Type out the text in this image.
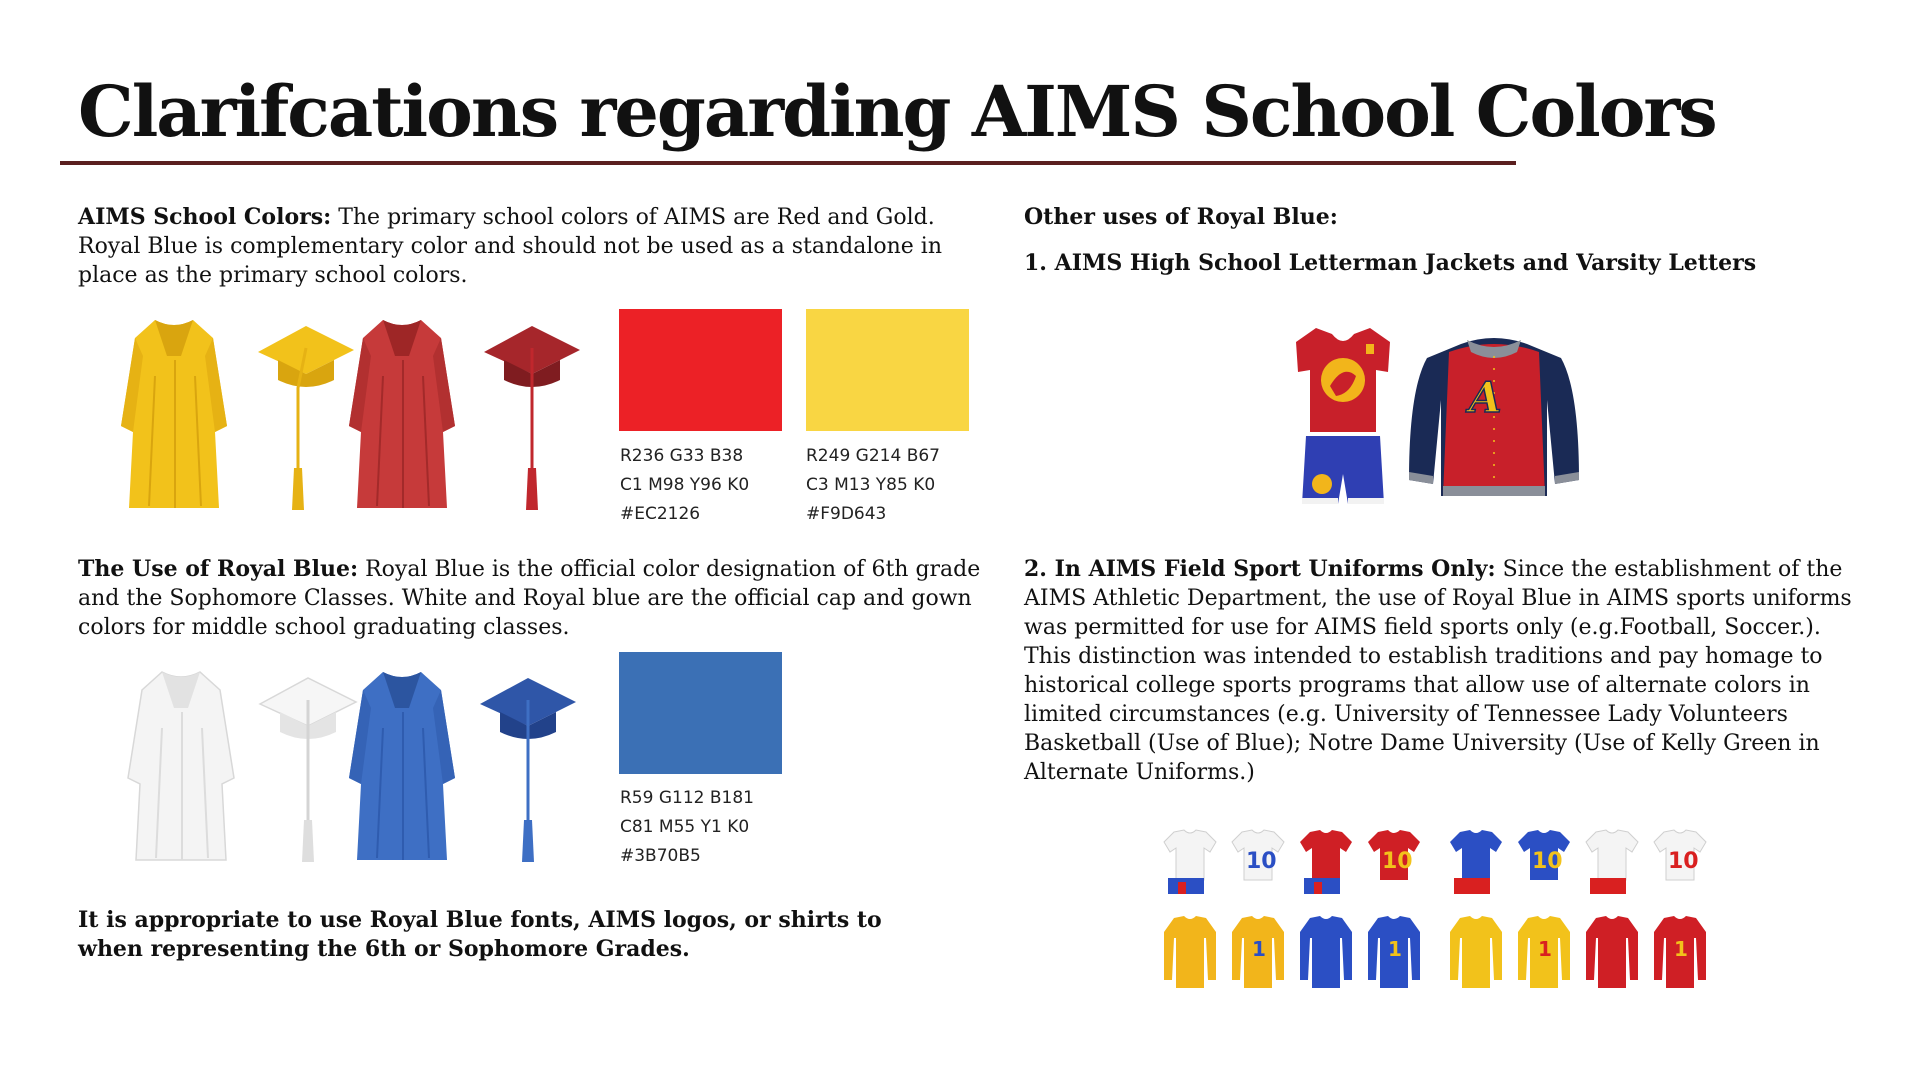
Clarifcations regarding AIMS School Colors
AIMS School Colors: The primary school colors of AIMS are Red and Gold. Royal Blue is complementary color and should not be used as a standalone in place as the primary school colors.
R236 G33 B38
C1 M98 Y96 K0
#EC2126
R249 G214 B67
C3 M13 Y85 K0
#F9D643
The Use of Royal Blue: Royal Blue is the official color designation of 6th grade and the Sophomore Classes. White and Royal blue are the official cap and gown colors for middle school graduating classes.
R59 G112 B181
C81 M55 Y1 K0
#3B70B5
It is appropriate to use Royal Blue fonts, AIMS logos, or shirts to when representing the 6th or Sophomore Grades.
Other uses of Royal Blue:
1. AIMS High School Letterman Jackets and Varsity Letters
A
2. In AIMS Field Sport Uniforms Only: Since the establishment of the AIMS Athletic Department, the use of Royal Blue in AIMS sports uniforms was permitted for use for AIMS field sports only (e.g.Football, Soccer.). This distinction was intended to establish traditions and pay homage to historical college sports programs that allow use of alternate colors in limited circumstances (e.g. University of Tennessee Lady Volunteers Basketball (Use of Blue); Notre Dame University (Use of Kelly Green in Alternate Uniforms.)
10	10	10	10
1	1	1	1
